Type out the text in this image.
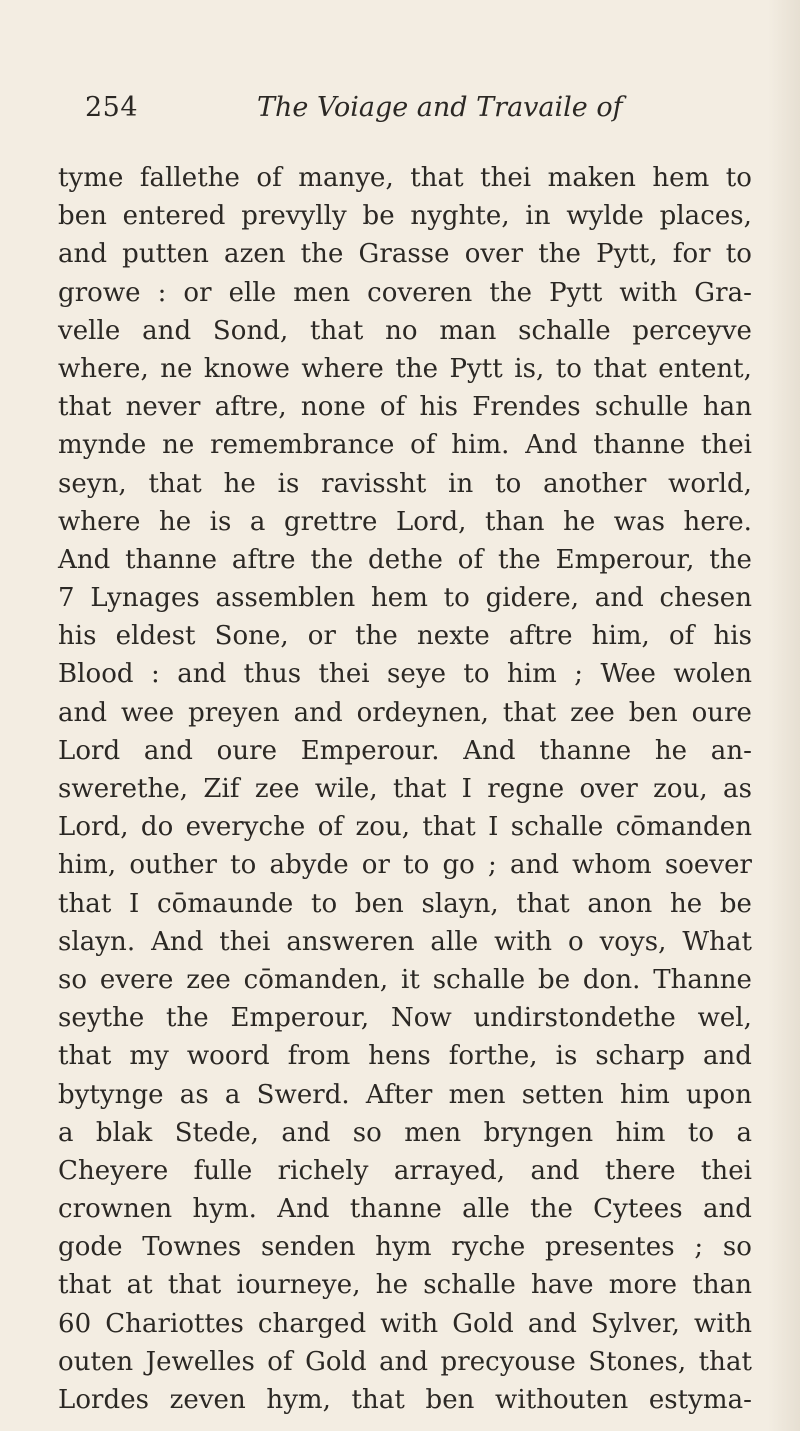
254	The Voiage and Travaile of
tyme fallethe of manye, that thei maken hem to
ben entered prevylly be nyghte, in wylde places,
and putten azen the Grasse over the Pytt, for to
growe : or elle men coveren the Pytt with Gra-
velle and Sond, that no man schalle perceyve
where, ne knowe where the Pytt is, to that entent,
that never aftre, none of his Frendes schulle han
mynde ne remembrance of him. And thanne thei
seyn, that he is ravissht in to another world,
where he is a grettre Lord, than he was here.
And thanne aftre the dethe of the Emperour, the
7 Lynages assemblen hem to gidere, and chesen
his eldest Sone, or the nexte aftre him, of his
Blood : and thus thei seye to him ; Wee wolen
and wee preyen and ordeynen, that zee ben oure
Lord and oure Emperour. And thanne he an-
swerethe, Zif zee wile, that I regne over zou, as
Lord, do everyche of zou, that I schalle cōmanden
him, outher to abyde or to go ; and whom soever
that I cōmaunde to ben slayn, that anon he be
slayn. And thei answeren alle with o voys, What
so evere zee cōmanden, it schalle be don. Thanne
seythe the Emperour, Now undirstondethe wel,
that my woord from hens forthe, is scharp and
bytynge as a Swerd. After men setten him upon
a blak Stede, and so men bryngen him to a
Cheyere fulle richely arrayed, and there thei
crownen hym. And thanne alle the Cytees and
gode Townes senden hym ryche presentes ; so
that at that iourneye, he schalle have more than
60 Chariottes charged with Gold and Sylver, with
outen Jewelles of Gold and precyouse Stones, that
Lordes zeven hym, that ben withouten estyma-
